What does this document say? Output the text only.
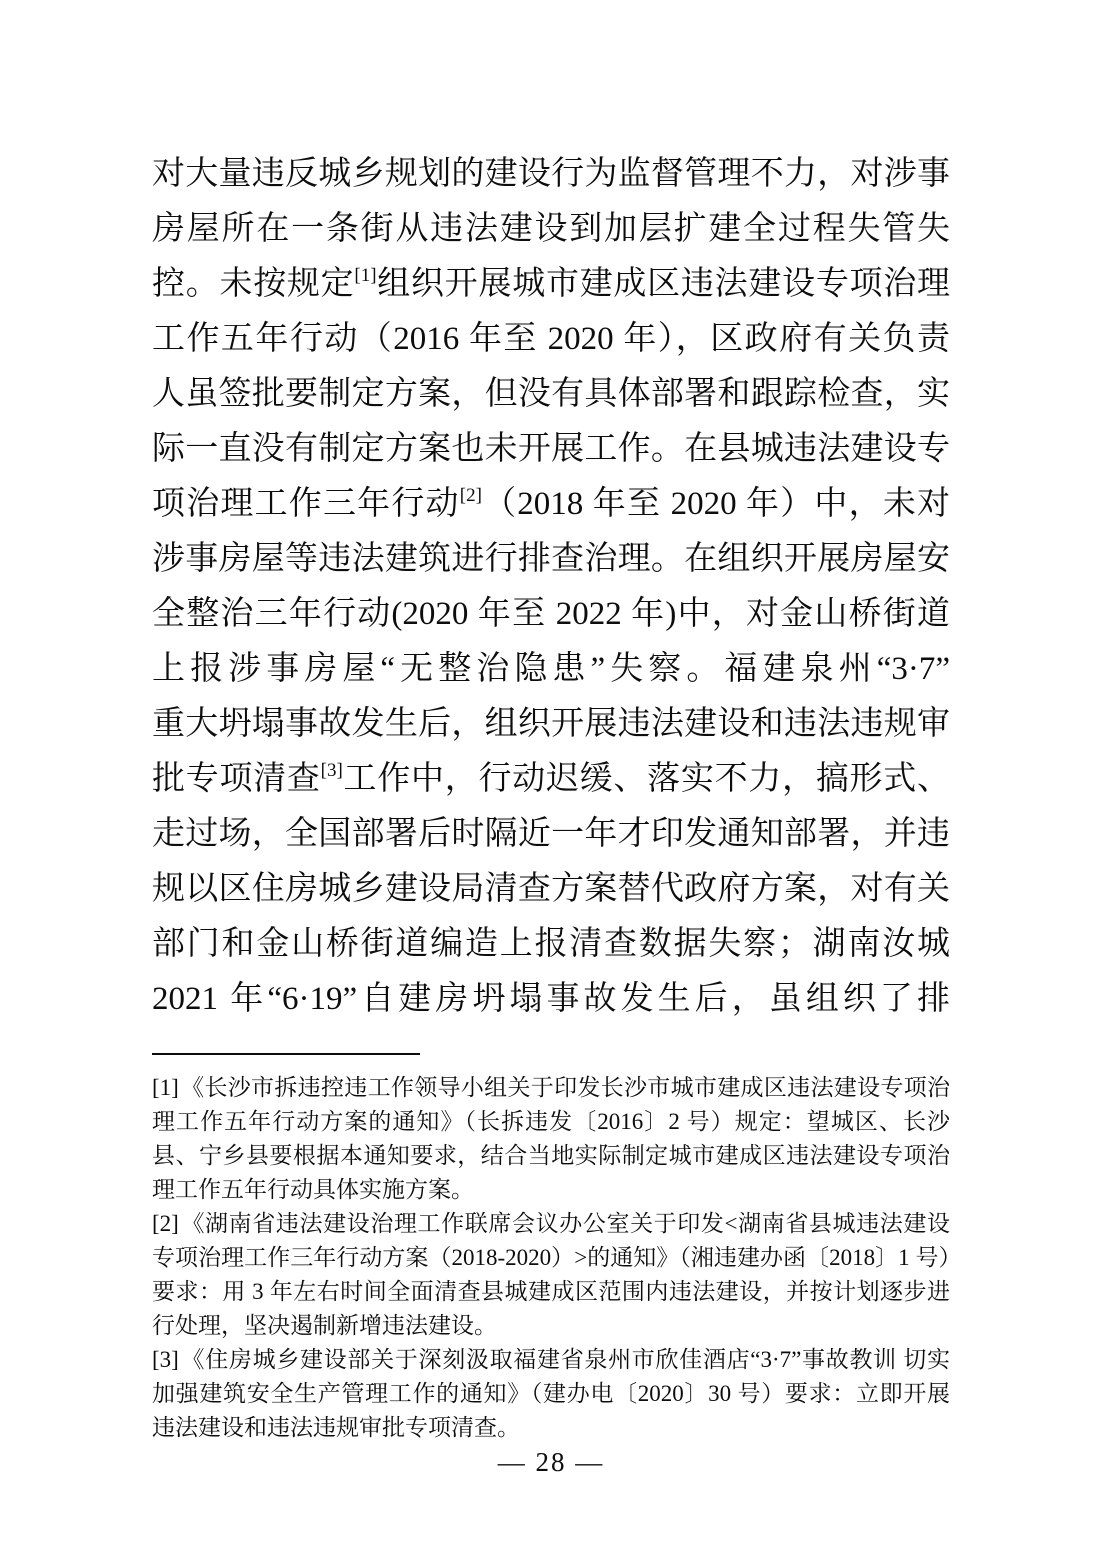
对大量违反城乡规划的建设行为监督管理不力，对涉事
房屋所在一条街从违法建设到加层扩建全过程失管失
控。未按规定[1]组织开展城市建成区违法建设专项治理
工作五年行动（2016 年至 2020 年），区政府有关负责
人虽签批要制定方案，但没有具体部署和跟踪检查，实
际一直没有制定方案也未开展工作。在县城违法建设专
项治理工作三年行动[2]（2018 年至 2020 年）中，未对
涉事房屋等违法建筑进行排查治理。在组织开展房屋安
全整治三年行动(2020 年至 2022 年)中，对金山桥街道
上报涉事房屋“无整治隐患”失察。福建泉州“3·7”
重大坍塌事故发生后，组织开展违法建设和违法违规审
批专项清查[3]工作中，行动迟缓、落实不力，搞形式、
走过场，全国部署后时隔近一年才印发通知部署，并违
规以区住房城乡建设局清查方案替代政府方案，对有关
部门和金山桥街道编造上报清查数据失察；湖南汝城
2021 年“6·19”自建房坍塌事故发生后，虽组织了排

[1]《长沙市拆违控违工作领导小组关于印发长沙市城市建成区违法建设专项治理工作五年行动方案的通知》（长拆违发〔2016〕2 号）规定：望城区、长沙县、宁乡县要根据本通知要求，结合当地实际制定城市建成区违法建设专项治理工作五年行动具体实施方案。

[2]《湖南省违法建设治理工作联席会议办公室关于印发<湖南省县城违法建设专项治理工作三年行动方案（2018-2020）>的通知》（湘违建办函〔2018〕1 号）要求：用 3 年左右时间全面清查县城建成区范围内违法建设，并按计划逐步进行处理，坚决遏制新增违法建设。

[3]《住房城乡建设部关于深刻汲取福建省泉州市欣佳酒店“3·7”事故教训 切实加强建筑安全生产管理工作的通知》（建办电〔2020〕30 号）要求：立即开展违法建设和违法违规审批专项清查。

— 28 —
